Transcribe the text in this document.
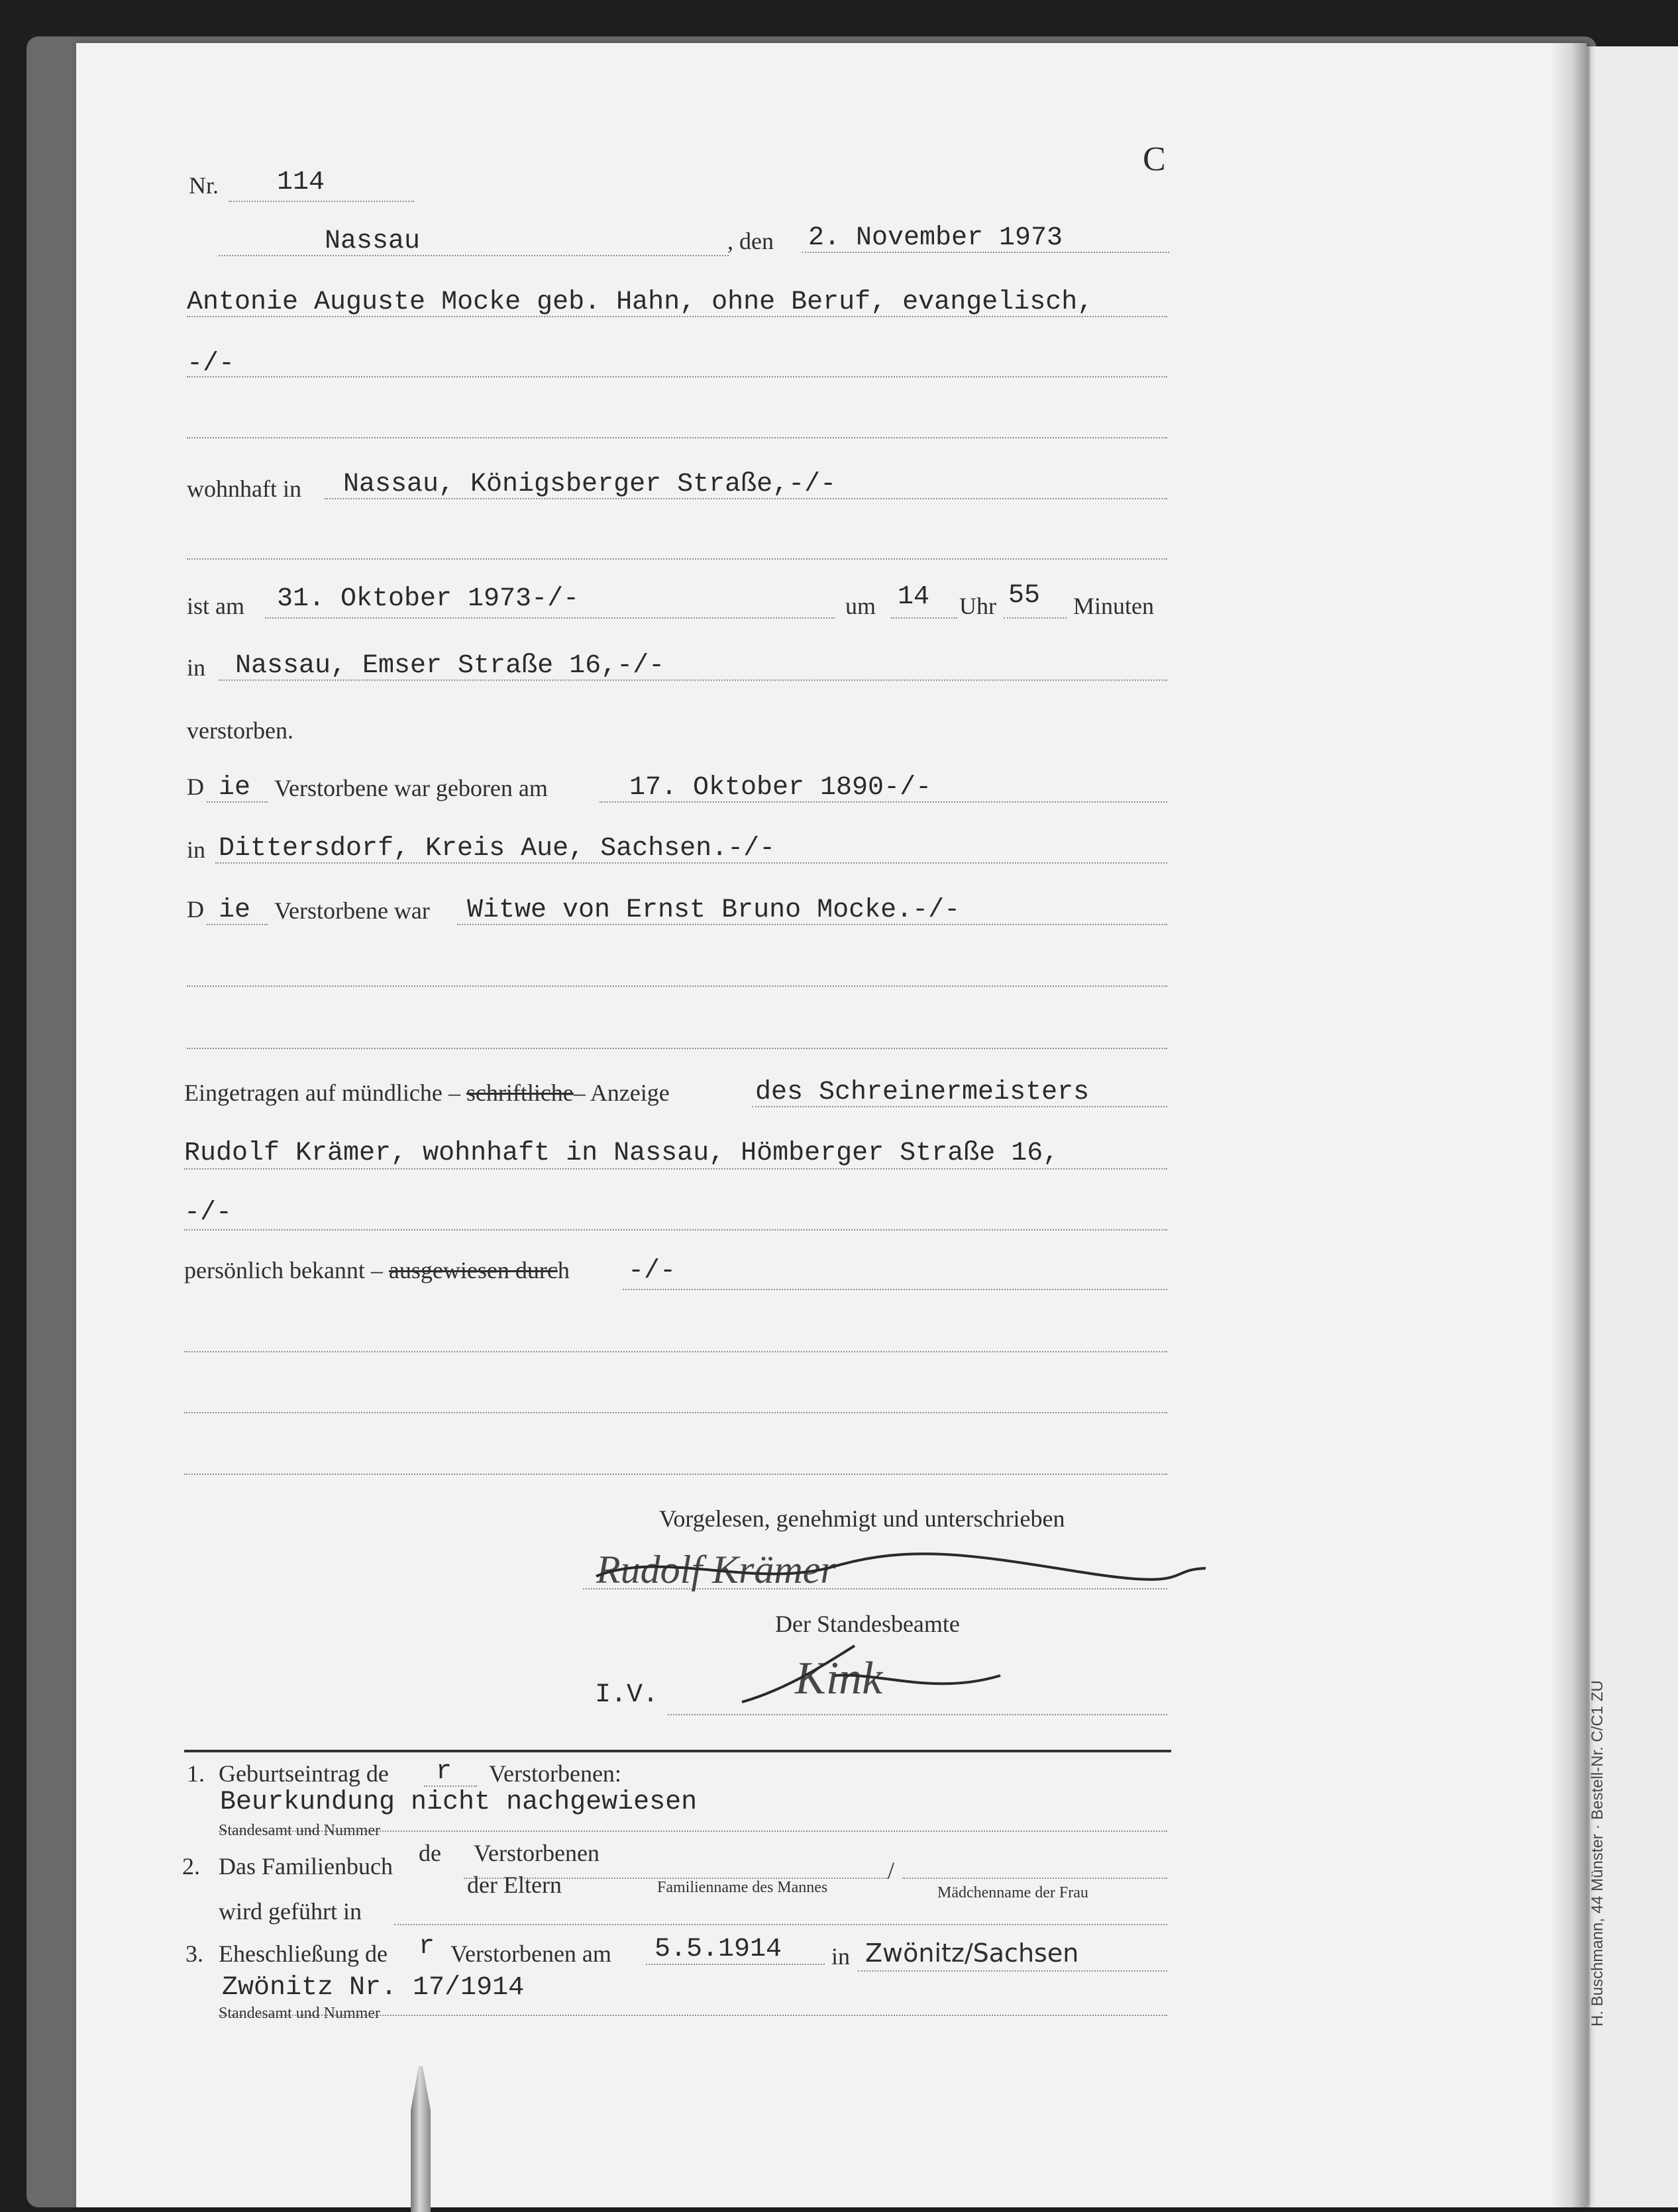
C
Nr. 114
Nassau	, den 2. November 1973
Antonie Auguste Mocke geb. Hahn, ohne Beruf, evangelisch,
-/-
wohnhaft in Nassau, Königsberger Straße,-/-
ist am 31. Oktober 1973-/-	um 14 Uhr 55 Minuten
in Nassau, Emser Straße 16,-/-
verstorben.
D ie Verstorbene war geboren am	17. Oktober 1890-/-
in Dittersdorf, Kreis Aue, Sachsen.-/-
D ie Verstorbene war Witwe von Ernst Bruno Mocke.-/-
Eingetragen auf mündliche – schriftliche– Anzeige	des Schreinermeisters
Rudolf Krämer, wohnhaft in Nassau, Hömberger Straße 16,
-/-
persönlich bekannt – ausgewiesen durch -/-
Vorgelesen, genehmigt und unterschrieben
Rudolf Krämer
Der Standesbeamte
I.V.	Kink
1. Geburtseintrag de r Verstorbenen:
Beurkundung nicht nachgewiesen
Standesamt und Nummer
2. Das Familienbuch de Verstorbenen
/
der Eltern	Familienname des Mannes	Mädchenname der Frau
wird geführt in
3. Eheschließung de r Verstorbenen am 5.5.1914 in Zwönitz/Sachsen
Zwönitz Nr. 17/1914
Standesamt und Nummer	H. Buschmann, 44 Münster · Bestell-Nr. C/C1 ZU
